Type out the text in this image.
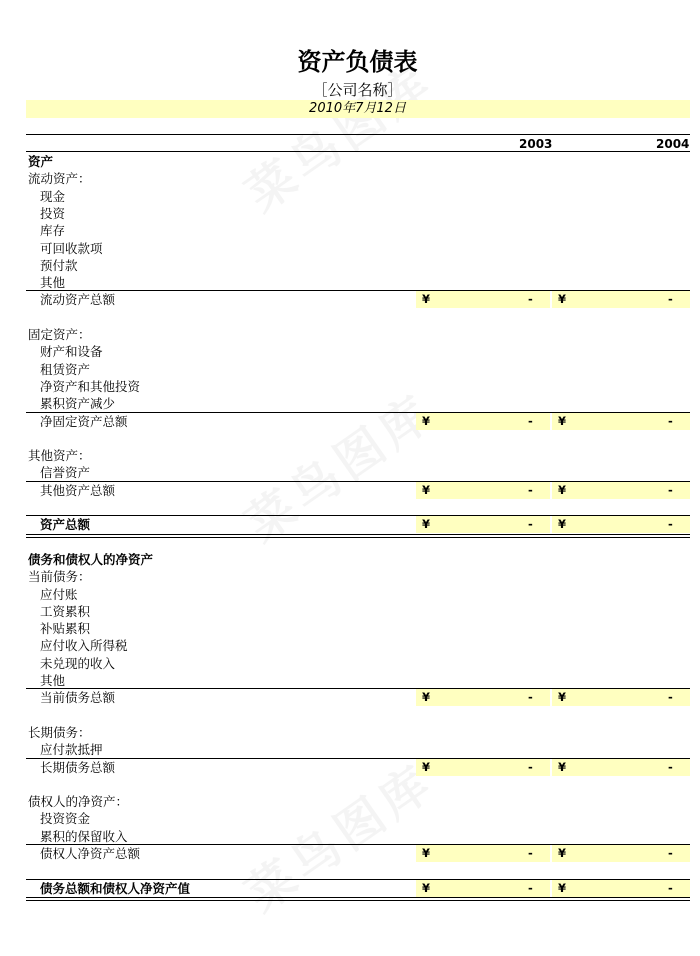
资产负债表
［公司名称］
2010年7月12日
2003	2004
资产
流动资产：
现金
投资
库存
可回收款项
预付款
其他
流动资产总额	¥	- ¥	-
固定资产：
财产和设备
租赁资产
净资产和其他投资
累积资产减少
净固定资产总额	¥	- ¥	-
其他资产：
信誉资产
其他资产总额	¥	- ¥	-
资产总额	¥	- ¥	-
债务和债权人的净资产
当前债务：
应付账
工资累积
补贴累积
应付收入所得税
未兑现的收入
其他
当前债务总额	¥	- ¥	-
长期债务：
应付款抵押
长期债务总额	¥	- ¥	-
债权人的净资产：
投资资金
累积的保留收入
债权人净资产总额	¥	- ¥	-
债务总额和债权人净资产值	¥	- ¥	-
